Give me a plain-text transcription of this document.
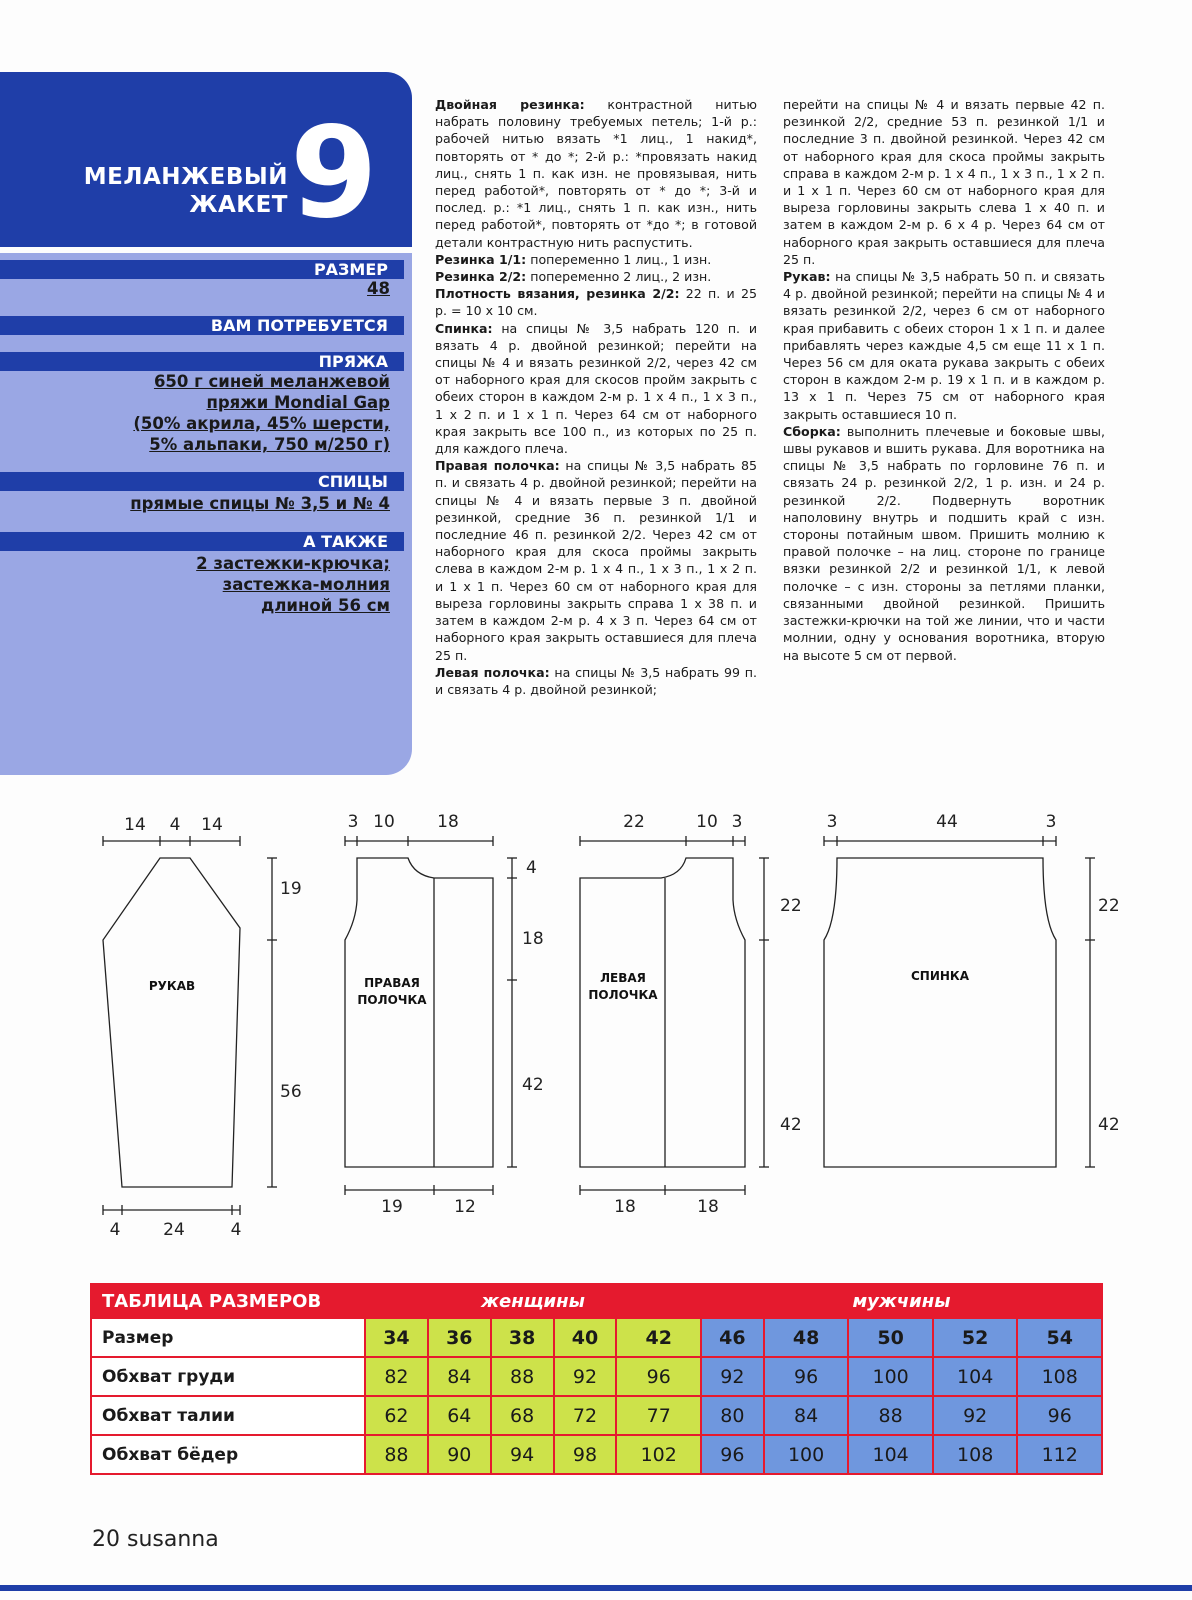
МЕЛАНЖЕВЫЙ
ЖАКЕТ 9
РАЗМЕР
48
ВАМ ПОТРЕБУЕТСЯ
ПРЯЖА
650 г синей меланжевой
пряжи Mondial Gap
(50% акрила, 45% шерсти,
5% альпаки, 750 м/250 г)
СПИЦЫ
прямые спицы № 3,5 и № 4
А ТАКЖЕ
2 застежки-крючка;
застежка-молния
длиной 56 см

Двойная резинка: контрастной нитью набрать половину требуемых петель; 1-й р.: рабочей нитью вязать *1 лиц., 1 накид*, повторять от * до *; 2-й р.: *провязать накид лиц., снять 1 п. как изн. не провязывая, нить перед работой*, повторять от * до *; 3-й и послед. р.: *1 лиц., снять 1 п. как изн., нить перед работой*, повторять от *до *; в готовой детали контрастную нить распустить.

Резинка 1/1: попеременно 1 лиц., 1 изн.

Резинка 2/2: попеременно 2 лиц., 2 изн.

Плотность вязания, резинка 2/2: 22 п. и 25 р. = 10 х 10 см.

Спинка: на спицы № 3,5 набрать 120 п. и вязать 4 р. двойной резинкой; перейти на спицы № 4 и вязать резинкой 2/2, через 42 см от наборного края для скосов пройм закрыть с обеих сторон в каждом 2-м р. 1 х 4 п., 1 х 3 п., 1 х 2 п. и 1 х 1 п. Через 64 см от наборного края закрыть все 100 п., из которых по 25 п. для каждого плеча.

Правая полочка: на спицы № 3,5 набрать 85 п. и связать 4 р. двойной резинкой; перейти на спицы № 4 и вязать первые 3 п. двойной резинкой, средние 36 п. резинкой 1/1 и последние 46 п. резинкой 2/2. Через 42 см от наборного края для скоса проймы закрыть слева в каждом 2-м р. 1 х 4 п., 1 х 3 п., 1 х 2 п. и 1 х 1 п. Через 60 см от наборного края для выреза горловины закрыть справа 1 х 38 п. и затем в каждом 2-м р. 4 х 3 п. Через 64 см от наборного края закрыть оставшиеся для плеча 25 п.

Левая полочка: на спицы № 3,5 набрать 99 п. и связать 4 р. двойной резинкой;

перейти на спицы № 4 и вязать первые 42 п. резинкой 2/2, средние 53 п. резинкой 1/1 и последние 3 п. двойной резинкой. Через 42 см от наборного края для скоса проймы закрыть справа в каждом 2-м р. 1 х 4 п., 1 х 3 п., 1 х 2 п. и 1 х 1 п. Через 60 см от наборного края для выреза горловины закрыть слева 1 х 40 п. и затем в каждом 2-м р. 6 х 4 р. Через 64 см от наборного края закрыть оставшиеся для плеча 25 п.

Рукав: на спицы № 3,5 набрать 50 п. и связать 4 р. двойной резинкой; перейти на спицы № 4 и вязать резинкой 2/2, через 6 см от наборного края прибавить с обеих сторон 1 х 1 п. и далее прибавлять через каждые 4,5 см еще 11 х 1 п. Через 56 см для оката рукава закрыть с обеих сторон в каждом 2-м р. 19 х 1 п. и в каждом р. 13 х 1 п. Через 75 см от наборного края закрыть оставшиеся 10 п.

Сборка: выполнить плечевые и боковые швы, швы рукавов и вшить рукава. Для воротника на спицы № 3,5 набрать по горловине 76 п. и связать 24 р. резинкой 2/2, 1 р. изн. и 24 р. резинкой 2/2. Подвернуть воротник наполовину внутрь и подшить край с изн. стороны потайным швом. Пришить молнию к правой полочке – на лиц. стороне по границе вязки резинкой 2/2 и резинкой 1/1, к левой полочке – с изн. стороны за петлями планки, связанными двойной резинкой. Пришить застежки-крючки на той же линии, что и части молнии, одну у основания воротника, вторую на высоте 5 см от первой.

РУКАВ	ПРАВАЯ
ПОЛОЧКА
ЛЕВАЯ
ПОЛОЧКА
СПИНКА
14 4 14
19
56
4	24	4
3 10 18
4
18
42
19	12
22	10 3
22
42
18	18
3	44	3
22
42
ТАБЛИЦА РАЗМЕРОВ	женщины					мужчины				
Размер	34	36	38	40	42	46	48	50	52	54
Обхват груди	82	84	88	92	96	92	96	100	104	108
Обхват талии	62	64	68	72	77	80	84	88	92	96
Обхват бёдер	88	90	94	98	102	96	100	104	108	112
20 susanna
